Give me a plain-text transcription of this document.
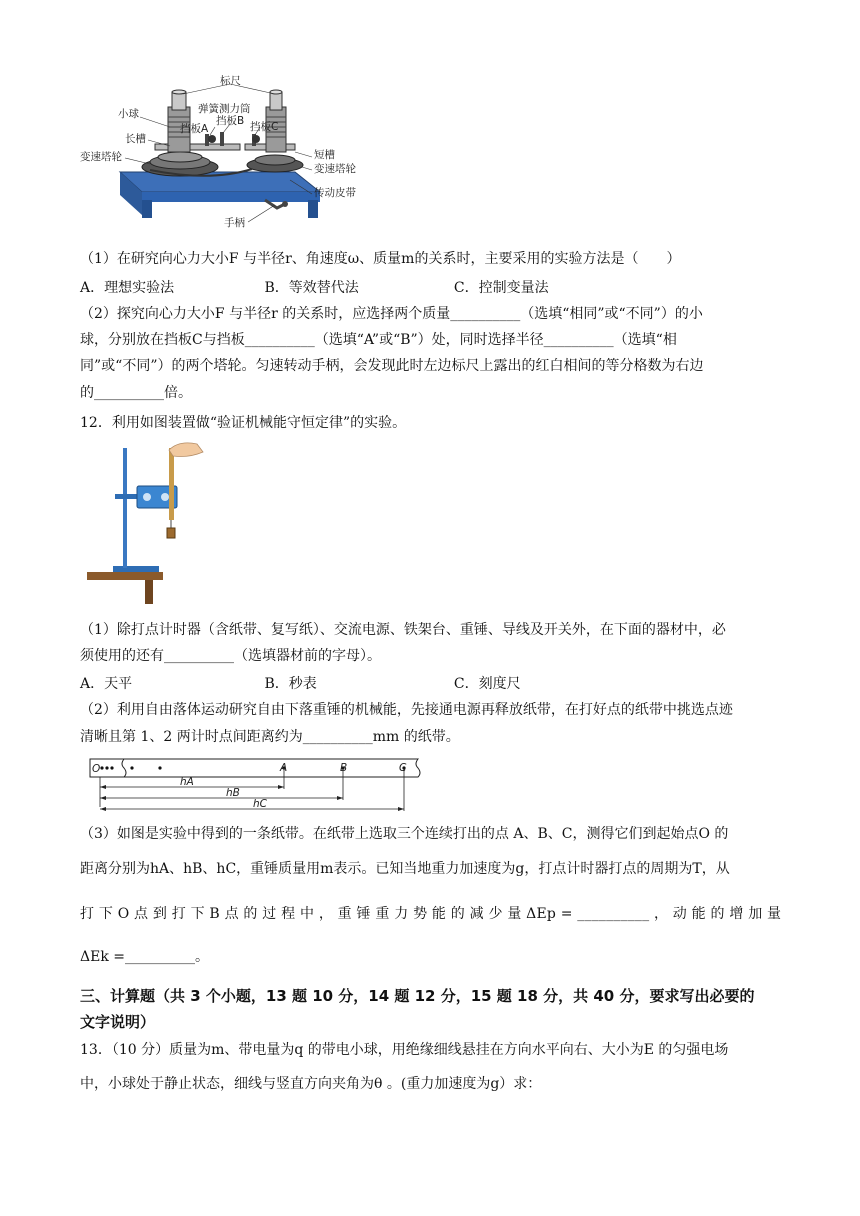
标尺
弹簧测力筒
小球
挡板A
挡板B 挡板C
长槽
变速塔轮	短槽
变速塔轮
传动皮带
手柄
（1）在研究向心力大小F 与半径r、角速度ω、质量m的关系时，主要采用的实验方法是（　　）
A．理想实验法	B．等效替代法	C．控制变量法
（2）探究向心力大小F 与半径r 的关系时，应选择两个质量__________（选填“相同”或“不同”）的小
球，分别放在挡板C与挡板__________（选填“A”或“B”）处，同时选择半径__________（选填“相
同”或“不同”）的两个塔轮。匀速转动手柄，会发现此时左边标尺上露出的红白相间的等分格数为右边
的__________倍。
12．利用如图装置做“验证机械能守恒定律”的实验。
（1）除打点计时器（含纸带、复写纸）、交流电源、铁架台、重锤、导线及开关外，在下面的器材中，必
须使用的还有__________（选填器材前的字母）。
A．天平	B．秒表	C．刻度尺
（2）利用自由落体运动研究自由下落重锤的机械能，先接通电源再释放纸带，在打好点的纸带中挑选点迹
清晰且第 1、2 两计时点间距离约为__________mm 的纸带。
O	A	B	C
hA
hB
hC
（3）如图是实验中得到的一条纸带。在纸带上选取三个连续打出的点 A、B、C，测得它们到起始点O 的
距离分别为hA、hB、hC，重锤质量用m表示。已知当地重力加速度为g，打点计时器打点的周期为T，从
打 下 O 点 到 打 下 B 点 的 过 程 中 ， 重 锤 重 力 势 能 的 减 少 量 ΔEp = __________ ， 动 能 的 增 加 量
ΔEk =__________。
三、计算题（共 3 个小题，13 题 10 分，14 题 12 分，15 题 18 分，共 40 分，要求写出必要的
文字说明）
13．（10 分）质量为m、带电量为q 的带电小球，用绝缘细线悬挂在方向水平向右、大小为E 的匀强电场
中，小球处于静止状态，细线与竖直方向夹角为θ 。(重力加速度为g）求：
